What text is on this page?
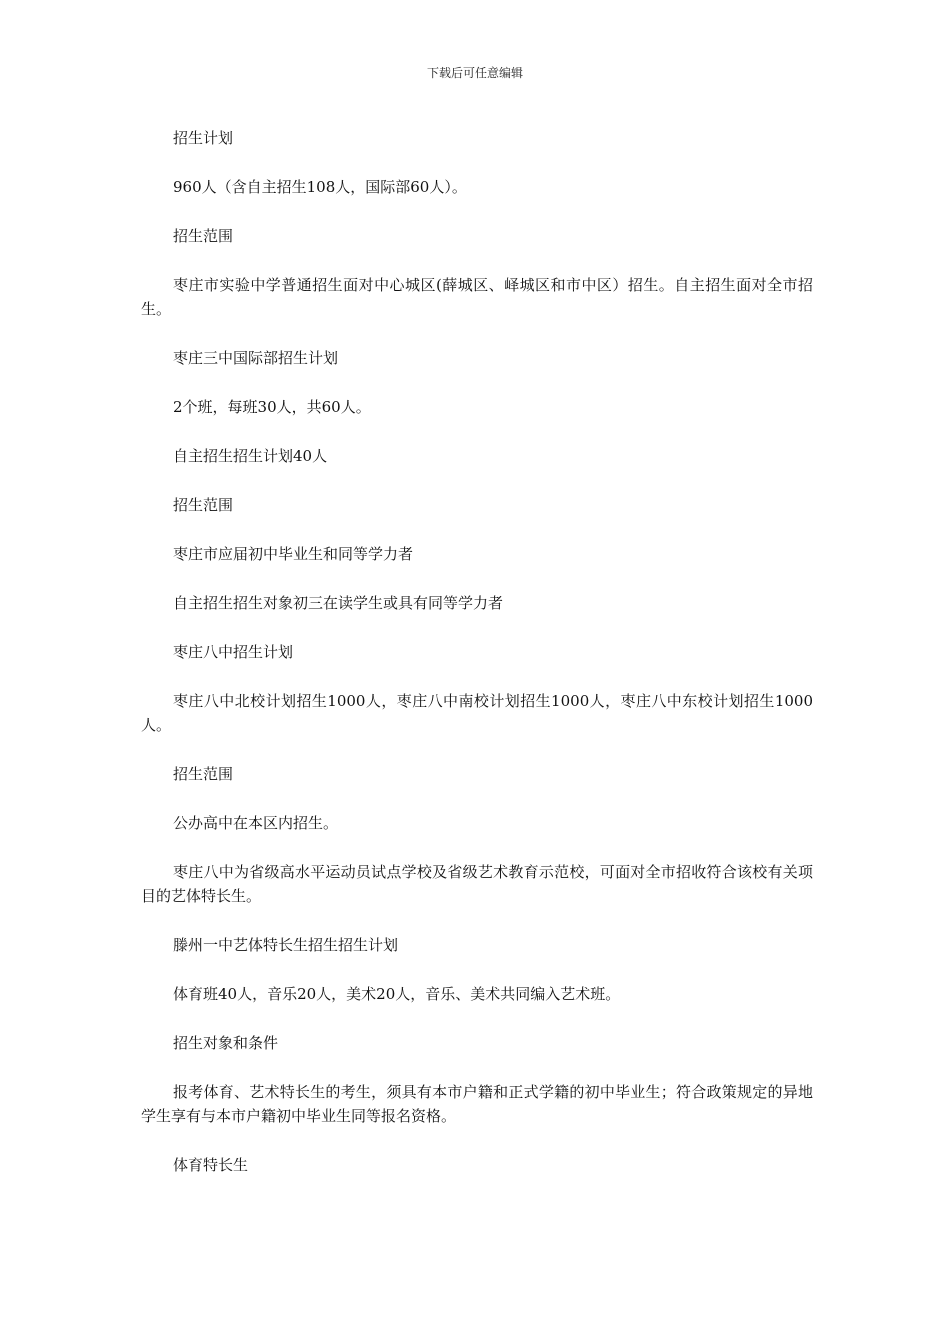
下载后可任意编辑

招生计划

960人（含自主招生108人，国际部60人）。

招生范围

枣庄市实验中学普通招生面对中心城区(薛城区、峄城区和市中区）招生。自主招生面对全市招生。

枣庄三中国际部招生计划

2个班，每班30人，共60人。

自主招生招生计划40人

招生范围

枣庄市应届初中毕业生和同等学力者

自主招生招生对象初三在读学生或具有同等学力者

枣庄八中招生计划

枣庄八中北校计划招生1000人，枣庄八中南校计划招生1000人，枣庄八中东校计划招生1000人。

招生范围

公办高中在本区内招生。

枣庄八中为省级高水平运动员试点学校及省级艺术教育示范校，可面对全市招收符合该校有关项目的艺体特长生。

滕州一中艺体特长生招生招生计划

体育班40人，音乐20人，美术20人，音乐、美术共同编入艺术班。

招生对象和条件

报考体育、艺术特长生的考生，须具有本市户籍和正式学籍的初中毕业生；符合政策规定的异地学生享有与本市户籍初中毕业生同等报名资格。

体育特长生
